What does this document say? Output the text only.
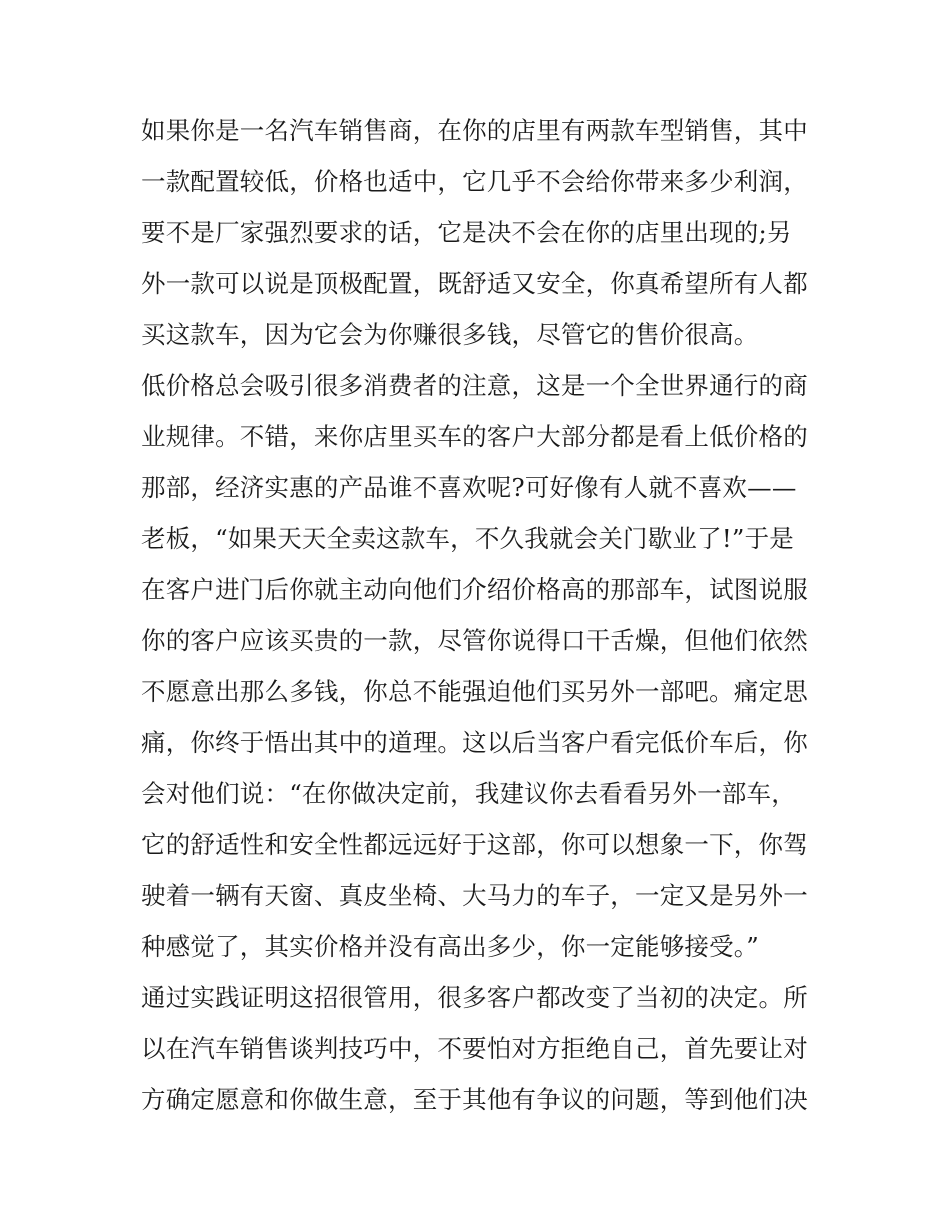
如果你是一名汽车销售商，在你的店里有两款车型销售，其中
一款配置较低，价格也适中，它几乎不会给你带来多少利润，
要不是厂家强烈要求的话，它是决不会在你的店里出现的;另
外一款可以说是顶极配置，既舒适又安全，你真希望所有人都
买这款车，因为它会为你赚很多钱，尽管它的售价很高。
低价格总会吸引很多消费者的注意，这是一个全世界通行的商
业规律。不错，来你店里买车的客户大部分都是看上低价格的
那部，经济实惠的产品谁不喜欢呢?可好像有人就不喜欢——
老板，“如果天天全卖这款车，不久我就会关门歇业了!”于是
在客户进门后你就主动向他们介绍价格高的那部车，试图说服
你的客户应该买贵的一款，尽管你说得口干舌燥，但他们依然
不愿意出那么多钱，你总不能强迫他们买另外一部吧。痛定思
痛，你终于悟出其中的道理。这以后当客户看完低价车后，你
会对他们说：“在你做决定前，我建议你去看看另外一部车，
它的舒适性和安全性都远远好于这部，你可以想象一下，你驾
驶着一辆有天窗、真皮坐椅、大马力的车子，一定又是另外一
种感觉了，其实价格并没有高出多少，你一定能够接受。”
通过实践证明这招很管用，很多客户都改变了当初的决定。所
以在汽车销售谈判技巧中，不要怕对方拒绝自己，首先要让对
方确定愿意和你做生意，至于其他有争议的问题，等到他们决
